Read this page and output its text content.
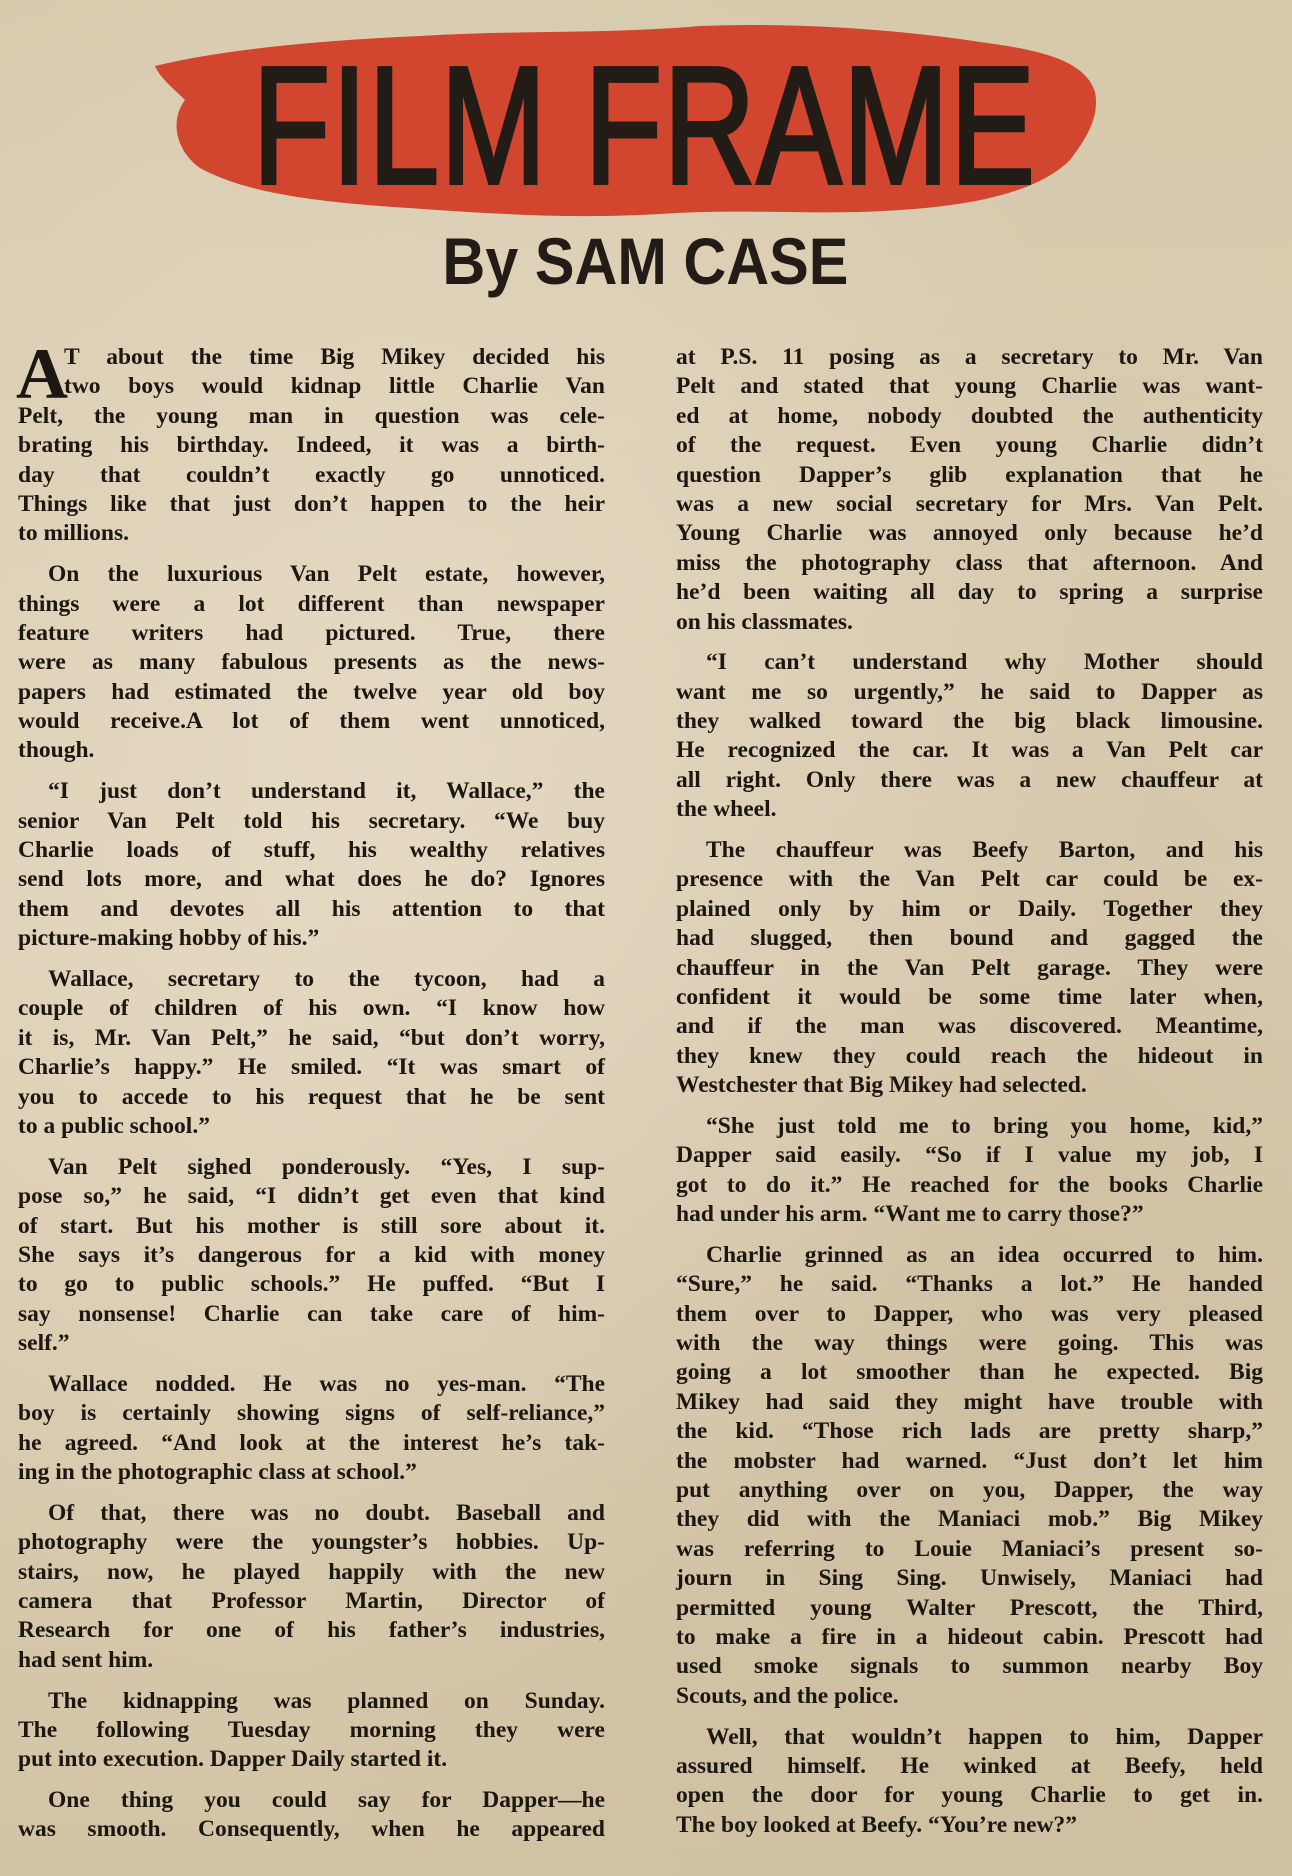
FILM FRAME
By SAM CASE
A
T about the time Big Mikey decided his
two boys would kidnap little Charlie Van
Pelt, the young man in question was cele-
brating his birthday. Indeed, it was a birth-
day that couldn’t exactly go unnoticed.
Things like that just don’t happen to the heir
to millions.
On the luxurious Van Pelt estate, however,
things were a lot different than newspaper
feature writers had pictured. True, there
were as many fabulous presents as the news-
papers had estimated the twelve year old boy
would receive.A lot of them went unnoticed,
though.
“I just don’t understand it, Wallace,” the
senior Van Pelt told his secretary. “We buy
Charlie loads of stuff, his wealthy relatives
send lots more, and what does he do? Ignores
them and devotes all his attention to that
picture-making hobby of his.”
Wallace, secretary to the tycoon, had a
couple of children of his own. “I know how
it is, Mr. Van Pelt,” he said, “but don’t worry,
Charlie’s happy.” He smiled. “It was smart of
you to accede to his request that he be sent
to a public school.”
Van Pelt sighed ponderously. “Yes, I sup-
pose so,” he said, “I didn’t get even that kind
of start. But his mother is still sore about it.
She says it’s dangerous for a kid with money
to go to public schools.” He puffed. “But I
say nonsense! Charlie can take care of him-
self.”
Wallace nodded. He was no yes-man. “The
boy is certainly showing signs of self-reliance,”
he agreed. “And look at the interest he’s tak-
ing in the photographic class at school.”
Of that, there was no doubt. Baseball and
photography were the youngster’s hobbies. Up-
stairs, now, he played happily with the new
camera that Professor Martin, Director of
Research for one of his father’s industries,
had sent him.
The kidnapping was planned on Sunday.
The following Tuesday morning they were
put into execution. Dapper Daily started it.
One thing you could say for Dapper—he
was smooth. Consequently, when he appeared
at P.S. 11 posing as a secretary to Mr. Van
Pelt and stated that young Charlie was want-
ed at home, nobody doubted the authenticity
of the request. Even young Charlie didn’t
question Dapper’s glib explanation that he
was a new social secretary for Mrs. Van Pelt.
Young Charlie was annoyed only because he’d
miss the photography class that afternoon. And
he’d been waiting all day to spring a surprise
on his classmates.
“I can’t understand why Mother should
want me so urgently,” he said to Dapper as
they walked toward the big black limousine.
He recognized the car. It was a Van Pelt car
all right. Only there was a new chauffeur at
the wheel.
The chauffeur was Beefy Barton, and his
presence with the Van Pelt car could be ex-
plained only by him or Daily. Together they
had slugged, then bound and gagged the
chauffeur in the Van Pelt garage. They were
confident it would be some time later when,
and if the man was discovered. Meantime,
they knew they could reach the hideout in
Westchester that Big Mikey had selected.
“She just told me to bring you home, kid,”
Dapper said easily. “So if I value my job, I
got to do it.” He reached for the books Charlie
had under his arm. “Want me to carry those?”
Charlie grinned as an idea occurred to him.
“Sure,” he said. “Thanks a lot.” He handed
them over to Dapper, who was very pleased
with the way things were going. This was
going a lot smoother than he expected. Big
Mikey had said they might have trouble with
the kid. “Those rich lads are pretty sharp,”
the mobster had warned. “Just don’t let him
put anything over on you, Dapper, the way
they did with the Maniaci mob.” Big Mikey
was referring to Louie Maniaci’s present so-
journ in Sing Sing. Unwisely, Maniaci had
permitted young Walter Prescott, the Third,
to make a fire in a hideout cabin. Prescott had
used smoke signals to summon nearby Boy
Scouts, and the police.
Well, that wouldn’t happen to him, Dapper
assured himself. He winked at Beefy, held
open the door for young Charlie to get in.
The boy looked at Beefy. “You’re new?”
